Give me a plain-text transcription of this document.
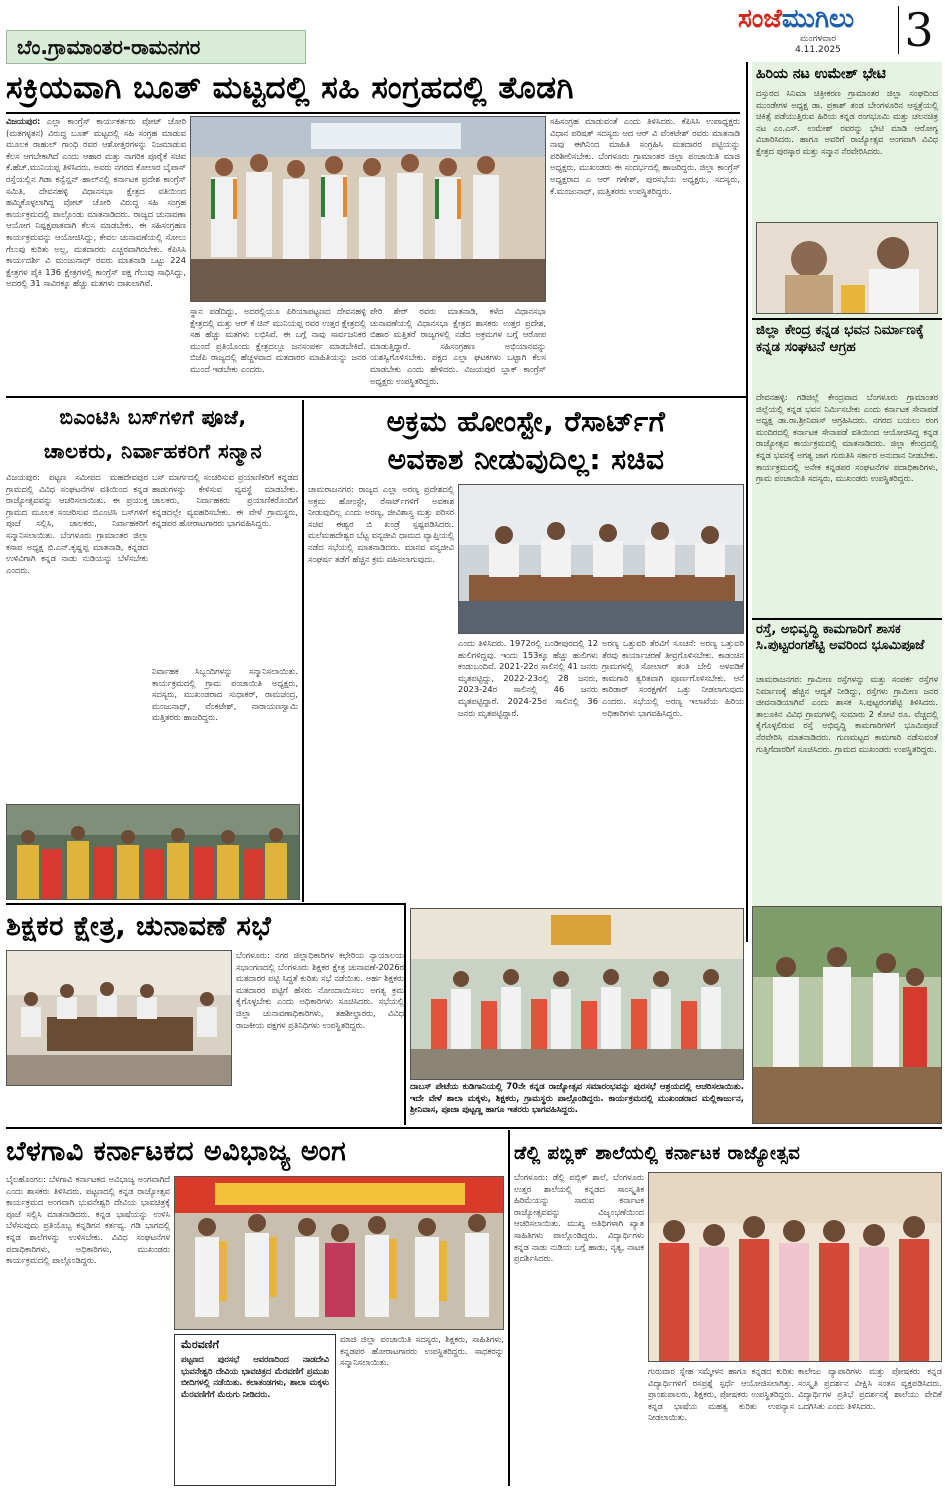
ಬೆಂ.ಗ್ರಾಮಾಂತರ-ರಾಮನಗರ
ಸಂಜೆಮುಗಿಲು
ಮಂಗಳವಾರ
4.11.2025	3
ಸಕ್ರಿಯವಾಗಿ ಬೂತ್ ಮಟ್ಟದಲ್ಲಿ ಸಹಿ ಸಂಗ್ರಹದಲ್ಲಿ ತೊಡಗಿ
ವಿಜಯಪುರ: ಎಲ್ಲಾ ಕಾಂಗ್ರೆಸ್ ಕಾರ್ಯಕರ್ತರು ವೋಟ್ ಚೋರಿ (ಮತಗಳ್ಳತನ) ವಿರುದ್ಧ ಬೂತ್ ಮಟ್ಟದಲ್ಲಿ ಸಹಿ ಸಂಗ್ರಹ ಮಾಡುವ ಮೂಲಕ ರಾಹುಲ್ ಗಾಂಧಿ ರವರ ಆಶೋತ್ತರಗಳನ್ನು ನಿಜಮಾಡುವ ಕೆಲಸ ಆಗಬೇಕಾಗಿದೆ ಎಂದು ಆಹಾರ ಮತ್ತು ನಾಗರಿಕ ಪೂರೈಕೆ ಸಚಿವ ಕೆ.ಹೆಚ್.ಮುನಿಯಪ್ಪ ತಿಳಿಸಿದರು. ಅವರು ನಗರದ ಕೋಲಾರ ಬೈಪಾಸ್ ರಸ್ತೆಯಲ್ಲಿನ ಗಿಡಾ ಕನ್ವೆನ್ಷನ್ ಹಾಲ್‌ನಲ್ಲಿ ಕರ್ನಾಟಕ ಪ್ರದೇಶ ಕಾಂಗ್ರೆಸ್ ಸಮಿತಿ, ದೇವನಹಳ್ಳಿ ವಿಧಾನಸಭಾ ಕ್ಷೇತ್ರದ ವತಿಯಿಂದ ಹಮ್ಮಿಕೊಳ್ಳಲಾಗಿದ್ದ ವೋಟ್ ಚೋರಿ ವಿರುದ್ಧ ಸಹಿ ಸಂಗ್ರಹ ಕಾರ್ಯಕ್ರಮದಲ್ಲಿ ಪಾಲ್ಗೊಂಡು ಮಾತನಾಡಿದರು. ರಾಜ್ಯದ ಚುನಾವಣಾ ಆಯೋಗ ನಿಷ್ಪಕ್ಷಪಾತವಾಗಿ ಕೆಲಸ ಮಾಡಬೇಕು. ಈ ಸಹಿಸಂಗ್ರಹಣ ಕಾರ್ಯಕ್ರಮವನ್ನು ಆಯೋಜಿಸಿದ್ದು, ಕೇವಲ ಚುನಾವಣೆಯಲ್ಲಿ ಸೋಲು ಗೆಲುವು ಕುರಿತು ಅಲ್ಲ, ಮತದಾರರು ಎಚ್ಚರವಾಗಿರಬೇಕು. ಕೆಪಿಸಿಸಿ ಕಾರ್ಯದರ್ಶಿ ವಿ ಮಂಜುನಾಥ್ ರವರು ಮಾತನಾಡಿ ಒಟ್ಟು 224 ಕ್ಷೇತ್ರಗಳ ಪೈಕಿ 136 ಕ್ಷೇತ್ರಗಳಲ್ಲಿ ಕಾಂಗ್ರೆಸ್ ಪಕ್ಷ ಗೆಲುವು ಸಾಧಿಸಿದ್ದು, ಅದರಲ್ಲಿ 31 ಸಾವಿರಕ್ಕೂ ಹೆಚ್ಚು ಮತಗಳು ದಾಖಲಾಗಿವೆ.
ಸ್ಥಾನ ಪಡೆದಿದ್ದು, ಅದರಲ್ಲಿಯೂ ಪಿರಿಯಾಪಟ್ಟಣದ ದೇವನಹಳ್ಳಿ ಕ್ಷೇತ್ರದಲ್ಲಿ ಮತ್ತು ಆರ್ ಕೆ ಚಿನ್ ಮುನಿಯಪ್ಪ ರವರ ಉತ್ತರ ಕ್ಷೇತ್ರದಲ್ಲಿ ಸಹ ಹೆಚ್ಚು ಮತಗಳು ಲಭಿಸಿವೆ. ಈ ಬಗ್ಗೆ ನಾವು ಸಾರ್ವಜನಿಕರ ಮುಂದೆ ಪ್ರತಿಯೊಂದು ಕ್ಷೇತ್ರದಲ್ಲೂ ಜನಸಂಪರ್ಕ ಮಾಡಬೇಕಿದೆ. ಬಿಜೆಪಿ ರಾಜ್ಯದಲ್ಲಿ ಹೆಚ್ಚಳವಾದ ಮತದಾರರ ಮಾಹಿತಿಯನ್ನು ಜನರ ಮುಂದೆ ಇಡಬೇಕು ಎಂದರು.
ಪೇರಿ ಶೇರ್ ರವರು ಮಾತನಾಡಿ, ಕಳೆದ ವಿಧಾನಸಭಾ ಚುನಾವಣೆಯಲ್ಲಿ ವಿಧಾನಸಭಾ ಕ್ಷೇತ್ರದ ಶಾಸಕರು ಉತ್ತರ ಪ್ರದೇಶ, ಬಿಹಾರ ಮತ್ತಿತರೆ ರಾಜ್ಯಗಳಲ್ಲಿ ನಡೆದ ಅಕ್ರಮಗಳ ಬಗ್ಗೆ ಆರೋಪ ಮಾಡುತ್ತಿದ್ದಾರೆ. ಸಹಿಸಂಗ್ರಹಣ ಅಭಿಯಾನವನ್ನು ಯಶಸ್ವಿಗೊಳಿಸಬೇಕು. ಪಕ್ಷದ ಎಲ್ಲಾ ಘಟಕಗಳು ಒಟ್ಟಾಗಿ ಕೆಲಸ ಮಾಡಬೇಕು ಎಂದು ಹೇಳಿದರು. ವಿಜಯಪುರ ಬ್ಲಾಕ್ ಕಾಂಗ್ರೆಸ್ ಅಧ್ಯಕ್ಷರು ಉಪಸ್ಥಿತರಿದ್ದರು.
ಸಹಿಸಂಗ್ರಹ ಮಾಡುವಂತೆ ಎಂದು ತಿಳಿಸಿದರು. ಕೆಪಿಸಿಸಿ ಉಪಾಧ್ಯಕ್ಷರು ವಿಧಾನ ಪರಿಷತ್ ಸದಸ್ಯರು ಆದ ಆರ್ ವಿ ವೆಂಕಟೇಶ್ ರವರು ಮಾತನಾಡಿ ನಾವು ಈಗಿನಿಂದ ಮಾಹಿತಿ ಸಂಗ್ರಹಿಸಿ ಮತದಾರರ ಪಟ್ಟಿಯನ್ನು ಪರಿಶೀಲಿಸಬೇಕು. ಬೆಂಗಳೂರು ಗ್ರಾಮಾಂತರ ಜಿಲ್ಲಾ ಪಂಚಾಯಿತಿ ಮಾಜಿ ಅಧ್ಯಕ್ಷರು, ಮುಖಂಡರು ಈ ಸಂದರ್ಭದಲ್ಲಿ ಹಾಜರಿದ್ದರು. ಜಿಲ್ಲಾ ಕಾಂಗ್ರೆಸ್ ಅಧ್ಯಕ್ಷರಾದ ಎ ಆರ್ ಗಣೇಶ್, ಪುರಸಭೆಯ ಅಧ್ಯಕ್ಷರು, ಸದಸ್ಯರು, ಕೆ.ಮಂಜುನಾಥ್, ಮತ್ತಿತರರು ಉಪಸ್ಥಿತರಿದ್ದರು.
ಹಿರಿಯ ನಟ ಉಮೇಶ್ ಭೇಟಿ
ದಸ್ತುರದ ಸಿನಿಮಾ ಚಿತ್ರೀಕರಣ ಗ್ರಾಮಾಂತರ ಜಿಲ್ಲಾ ಸಂಘದಿಂದ ಮುಂಡೇಗಳ ಅಧ್ಯಕ್ಷ ಡಾ. ಪ್ರಕಾಶ್ ತಂಡ ಬೇಂಗಳೂರಿನ ಆಸ್ಪತ್ರೆಯಲ್ಲಿ ಚಿಕಿತ್ಸೆ ಪಡೆಯುತ್ತಿರುವ ಹಿರಿಯ ಕನ್ನಡ ರಂಗಭೂಮಿ ಮತ್ತು ಚಲನಚಿತ್ರ ನಟ ಎಂ.ಎಸ್. ಉಮೇಶ್ ರವರನ್ನು ಭೇಟಿ ಮಾಡಿ ಆರೋಗ್ಯ ವಿಚಾರಿಸಿದರು. ಹಾಗೂ ಅವರಿಗೆ ರಾಜ್ಯೋತ್ಸವ ಅಂಗವಾಗಿ ವಿವಿಧ ಕ್ಷೇತ್ರದ ಪುರಸ್ಕಾರ ಮತ್ತು ಸನ್ಮಾನ ನೆರವೇರಿಸಿದರು.
ಜಿಲ್ಲಾ ಕೇಂದ್ರ ಕನ್ನಡ ಭವನ ನಿರ್ಮಾಣಕ್ಕೆ ಕನ್ನಡ ಸಂಘಟನೆ ಆಗ್ರಹ
ದೇವನಹಳ್ಳಿ: ಗಡಿಜಿಲ್ಲೆ ಕೇಂದ್ರವಾದ ಬೆಂಗಳೂರು ಗ್ರಾಮಾಂತರ ಜಿಲ್ಲೆಯಲ್ಲಿ ಕನ್ನಡ ಭವನ ನಿರ್ಮಿಸಬೇಕು ಎಂದು ಕರ್ನಾಟಕ ಸೇನಾಪಡೆ ಅಧ್ಯಕ್ಷ ಡಾ.ರಾ.ಶ್ರೀನಿವಾಸ್ ಆಗ್ರಹಿಸಿದರು. ನಗರದ ಬಯಲು ರಂಗ ಮಂದಿರದಲ್ಲಿ ಕರ್ನಾಟಕ ಸೇನಾಪಡೆ ವತಿಯಿಂದ ಆಯೋಜಿಸಿದ್ದ ಕನ್ನಡ ರಾಜ್ಯೋತ್ಸವ ಕಾರ್ಯಕ್ರಮದಲ್ಲಿ ಮಾತನಾಡಿದರು. ಜಿಲ್ಲಾ ಕೇಂದ್ರದಲ್ಲಿ ಕನ್ನಡ ಭವನಕ್ಕೆ ಅಗತ್ಯ ಜಾಗ ಗುರುತಿಸಿ ಸರ್ಕಾರ ಅನುದಾನ ನೀಡಬೇಕು. ಕಾರ್ಯಕ್ರಮದಲ್ಲಿ ಅನೇಕ ಕನ್ನಡಪರ ಸಂಘಟನೆಗಳ ಪದಾಧಿಕಾರಿಗಳು, ಗ್ರಾಮ ಪಂಚಾಯಿತಿ ಸದಸ್ಯರು, ಮುಖಂಡರು ಉಪಸ್ಥಿತರಿದ್ದರು.
ರಸ್ತೆ, ಅಭಿವೃದ್ಧಿ ಕಾಮಗಾರಿಗೆ ಶಾಸಕ ಸಿ.ಪುಟ್ಟರಂಗಶೆಟ್ಟಿ ಅವರಿಂದ ಭೂಮಿಪೂಜೆ
ಚಾಮರಾಜನಗರ: ಗ್ರಾಮೀಣ ರಸ್ತೆಗಳನ್ನು ಮತ್ತು ಸಂಪರ್ಕ ರಸ್ತೆಗಳ ನಿರ್ಮಾಣಕ್ಕೆ ಹೆಚ್ಚಿನ ಆದ್ಯತೆ ನೀಡಿದ್ದು, ರಸ್ತೆಗಳು ಗ್ರಾಮೀಣ ಜನರ ಜೀವನಾಡಿಯಾಗಿವೆ ಎಂದು ಶಾಸಕ ಸಿ.ಪುಟ್ಟರಂಗಶೆಟ್ಟಿ ತಿಳಿಸಿದರು. ತಾಲೂಕಿನ ವಿವಿಧ ಗ್ರಾಮಗಳಲ್ಲಿ ಸುಮಾರು 2 ಕೋಟಿ ರೂ. ವೆಚ್ಚದಲ್ಲಿ ಕೈಗೊಳ್ಳಲಿರುವ ರಸ್ತೆ ಅಭಿವೃದ್ಧಿ ಕಾಮಗಾರಿಗಳಿಗೆ ಭೂಮಿಪೂಜೆ ನೆರವೇರಿಸಿ ಮಾತನಾಡಿದರು. ಗುಣಮಟ್ಟದ ಕಾಮಗಾರಿ ನಡೆಸುವಂತೆ ಗುತ್ತಿಗೆದಾರರಿಗೆ ಸೂಚಿಸಿದರು. ಗ್ರಾಮದ ಮುಖಂಡರು ಉಪಸ್ಥಿತರಿದ್ದರು.
ಬಿಎಂಟಿಸಿ ಬಸ್‌ಗಳಿಗೆ ಪೂಜೆ,
ಚಾಲಕರು, ನಿರ್ವಾಹಕರಿಗೆ ಸನ್ಮಾನ
ವಿಜಯಪುರ: ಪಟ್ಟಣ ಸಮೀಪದ ಮಹದೇವಪುರ ಗ್ರಾಮದಲ್ಲಿ ವಿವಿಧ ಸಂಘಟನೆಗಳ ವತಿಯಿಂದ ಕನ್ನಡ ರಾಜ್ಯೋತ್ಸವವನ್ನು ಆಚರಿಸಲಾಯಿತು. ಈ ಪ್ರಯುಕ್ತ ಗ್ರಾಮದ ಮೂಲಕ ಸಂಚರಿಸುವ ಬಿಎಂಟಿಸಿ ಬಸ್‌ಗಳಿಗೆ ಪೂಜೆ ಸಲ್ಲಿಸಿ, ಚಾಲಕರು, ನಿರ್ವಾಹಕರಿಗೆ ಸನ್ಮಾನಿಸಲಾಯಿತು. ಬೆಂಗಳೂರು ಗ್ರಾಮಾಂತರ ಜಿಲ್ಲಾ ಕಸಾಪ ಅಧ್ಯಕ್ಷ ಬಿ.ಎನ್.ಕೃಷ್ಣಪ್ಪ ಮಾತನಾಡಿ, ಕನ್ನಡದ ಉಳಿವಿಗಾಗಿ ಕನ್ನಡ ನಾಡು ನುಡಿಯನ್ನು ಬೆಳೆಸಬೇಕು ಎಂದರು.
ಬಸ್ ಮಾರ್ಗದಲ್ಲಿ ಸಂಚರಿಸುವ ಪ್ರಯಾಣಿಕರಿಗೆ ಕನ್ನಡದ ಹಾಡುಗಳನ್ನು ಕೇಳಿಸುವ ವ್ಯವಸ್ಥೆ ಮಾಡಬೇಕು. ಚಾಲಕರು, ನಿರ್ವಾಹಕರು ಪ್ರಯಾಣಿಕರೊಂದಿಗೆ ಕನ್ನಡದಲ್ಲೇ ವ್ಯವಹರಿಸಬೇಕು. ಈ ವೇಳೆ ಗ್ರಾಮಸ್ಥರು, ಕನ್ನಡಪರ ಹೋರಾಟಗಾರರು ಭಾಗವಹಿಸಿದ್ದರು.
ನಿರ್ವಾಹಕ ಸಿಬ್ಬಂದಿಗಳನ್ನು ಸನ್ಮಾನಿಸಲಾಯಿತು. ಕಾರ್ಯಕ್ರಮದಲ್ಲಿ ಗ್ರಾಮ ಪಂಚಾಯಿತಿ ಅಧ್ಯಕ್ಷರು, ಸದಸ್ಯರು, ಮುಖಂಡರಾದ ಸುಧಾಕರ್, ರಾಮಚಂದ್ರ, ಮಂಜುನಾಥ್, ವೆಂಕಟೇಶ್, ನಾರಾಯಣಸ್ವಾಮಿ ಮತ್ತಿತರರು ಹಾಜರಿದ್ದರು.
ಅಕ್ರಮ ಹೋಂಸ್ಟೇ, ರೆಸಾರ್ಟ್‌ಗೆ
ಅವಕಾಶ ನೀಡುವುದಿಲ್ಲ: ಸಚಿವ
ಚಾಮರಾಜನಗರ: ರಾಜ್ಯದ ಎಲ್ಲಾ ಅರಣ್ಯ ಪ್ರದೇಶದಲ್ಲಿ ಅಕ್ರಮ ಹೋಂಸ್ಟೇ, ರೆಸಾರ್ಟ್‌ಗಳಿಗೆ ಅವಕಾಶ ನೀಡುವುದಿಲ್ಲ ಎಂದು ಅರಣ್ಯ, ಜೀವಿಶಾಸ್ತ್ರ ಮತ್ತು ಪರಿಸರ ಸಚಿವ ಈಶ್ವರ ಬಿ ಖಂಡ್ರೆ ಸ್ಪಷ್ಟಪಡಿಸಿದರು. ಮಲೆಮಹದೇಶ್ವರ ಬೆಟ್ಟ ವನ್ಯಜೀವಿ ಧಾಮದ ವ್ಯಾಪ್ತಿಯಲ್ಲಿ ನಡೆದ ಸಭೆಯಲ್ಲಿ ಮಾತನಾಡಿದರು. ಮಾನವ ವನ್ಯಜೀವಿ ಸಂಘರ್ಷ ತಡೆಗೆ ಹೆಚ್ಚಿನ ಕ್ರಮ ವಹಿಸಲಾಗುವುದು.
ಎಂದು ತಿಳಿಸಿದರು. 1972ರಲ್ಲಿ ಬಂಡೀಪುರದಲ್ಲಿ 12 ಹುಲಿಗಳಿದ್ದವು. ಇಂದು 153ಕ್ಕೂ ಹೆಚ್ಚು ಹುಲಿಗಳು ಕಂಡುಬಂದಿವೆ. 2021-22ರ ಸಾಲಿನಲ್ಲಿ 41 ಜನರು ಮೃತಪಟ್ಟಿದ್ದು, 2022-23ರಲ್ಲಿ 28 ಜನರು, 2023-24ರ ಸಾಲಿನಲ್ಲಿ 46 ಜನರು ಮೃತಪಟ್ಟಿದ್ದಾರೆ. 2024-25ರ ಸಾಲಿನಲ್ಲಿ 36 ಜನರು ಮೃತಪಟ್ಟಿದ್ದಾರೆ.
ಅರಣ್ಯ ಒತ್ತುವರಿ ತೆರವಿಗೆ ಸೂಚನೆ: ಅರಣ್ಯ ಒತ್ತುವರಿ ತೆರವು ಕಾರ್ಯಾಚರಣೆ ತೀವ್ರಗೊಳಿಸಬೇಕು. ಕಾಡಂಚಿನ ಗ್ರಾಮಗಳಲ್ಲಿ ಸೋಲಾರ್ ತಂತಿ ಬೇಲಿ ಅಳವಡಿಕೆ ಕಾಮಗಾರಿ ತ್ವರಿತವಾಗಿ ಪೂರ್ಣಗೊಳಿಸಬೇಕು. ಆನೆ ಕಾರಿಡಾರ್ ಸಂರಕ್ಷಣೆಗೆ ಒತ್ತು ನೀಡಲಾಗುವುದು ಎಂದರು. ಸಭೆಯಲ್ಲಿ ಅರಣ್ಯ ಇಲಾಖೆಯ ಹಿರಿಯ ಅಧಿಕಾರಿಗಳು ಭಾಗವಹಿಸಿದ್ದರು.
ಶಿಕ್ಷಕರ ಕ್ಷೇತ್ರ, ಚುನಾವಣೆ ಸಭೆ
ಬೆಂಗಳೂರು: ನಗರ ಜಿಲ್ಲಾಧಿಕಾರಿಗಳ ಕಛೇರಿಯ ನ್ಯಾಯಾಲಯ ಸಭಾಂಗಣದಲ್ಲಿ ಬೆಂಗಳೂರು ಶಿಕ್ಷಕರ ಕ್ಷೇತ್ರ ಚುನಾವಣೆ-2026ರ ಮತದಾರರ ಪಟ್ಟಿ ಸಿದ್ಧತೆ ಕುರಿತು ಸಭೆ ನಡೆಯಿತು. ಅರ್ಹ ಶಿಕ್ಷಕರು ಮತದಾರರ ಪಟ್ಟಿಗೆ ಹೆಸರು ನೋಂದಾಯಿಸಲು ಅಗತ್ಯ ಕ್ರಮ ಕೈಗೊಳ್ಳಬೇಕು ಎಂದು ಅಧಿಕಾರಿಗಳು ಸೂಚಿಸಿದರು. ಸಭೆಯಲ್ಲಿ ಜಿಲ್ಲಾ ಚುನಾವಣಾಧಿಕಾರಿಗಳು, ತಹಶೀಲ್ದಾರರು, ವಿವಿಧ ರಾಜಕೀಯ ಪಕ್ಷಗಳ ಪ್ರತಿನಿಧಿಗಳು ಉಪಸ್ಥಿತರಿದ್ದರು.
ದಾಬಸ್ ಪೇಟೆಯ ಕುಡಿಗಾನಿಯಲ್ಲಿ 70ನೇ ಕನ್ನಡ ರಾಜ್ಯೋತ್ಸವ ಸಮಾರಂಭವನ್ನು ಪುರಸಭೆ ಆಶ್ರಯದಲ್ಲಿ ಆಚರಿಸಲಾಯಿತು. ಇದೇ ವೇಳೆ ಶಾಲಾ ಮಕ್ಕಳು, ಶಿಕ್ಷಕರು, ಗ್ರಾಮಸ್ಥರು ಪಾಲ್ಗೊಂಡಿದ್ದರು. ಕಾರ್ಯಕ್ರಮದಲ್ಲಿ ಮುಖಂಡರಾದ ಮಲ್ಲಿಕಾರ್ಜುನ, ಶ್ರೀನಿವಾಸ, ಪೂಜಾ ಪುಟ್ಟಣ್ಣ ಹಾಗೂ ಇತರರು ಭಾಗವಹಿಸಿದ್ದರು.
ಬೆಳಗಾವಿ ಕರ್ನಾಟಕದ ಅವಿಭಾಜ್ಯ ಅಂಗ
ಬೈಲಹೊಂಗಲ: ಬೆಳಗಾವಿ ಕರ್ನಾಟಕದ ಅವಿಭಾಜ್ಯ ಅಂಗವಾಗಿದೆ ಎಂದು ಶಾಸಕರು ತಿಳಿಸಿದರು. ಪಟ್ಟಣದಲ್ಲಿ ಕನ್ನಡ ರಾಜ್ಯೋತ್ಸವ ಕಾರ್ಯಕ್ರಮದ ಅಂಗವಾಗಿ ಭುವನೇಶ್ವರಿ ದೇವಿಯ ಭಾವಚಿತ್ರಕ್ಕೆ ಪೂಜೆ ಸಲ್ಲಿಸಿ ಮಾತನಾಡಿದರು. ಕನ್ನಡ ಭಾಷೆಯನ್ನು ಉಳಿಸಿ ಬೆಳೆಸುವುದು ಪ್ರತಿಯೊಬ್ಬ ಕನ್ನಡಿಗನ ಕರ್ತವ್ಯ. ಗಡಿ ಭಾಗದಲ್ಲಿ ಕನ್ನಡ ಶಾಲೆಗಳನ್ನು ಉಳಿಸಬೇಕು. ವಿವಿಧ ಸಂಘಟನೆಗಳ ಪದಾಧಿಕಾರಿಗಳು, ಅಧಿಕಾರಿಗಳು, ಮುಖಂಡರು ಕಾರ್ಯಕ್ರಮದಲ್ಲಿ ಪಾಲ್ಗೊಂಡಿದ್ದರು.
ಮೆರವಣಿಗೆ
ಪಟ್ಟಣದ ಪುರಸಭೆ ಆವರಣದಿಂದ ನಾಡದೇವಿ ಭುವನೇಶ್ವರಿ ದೇವಿಯ ಭಾವಚಿತ್ರದ ಮೆರವಣಿಗೆ ಪ್ರಮುಖ ಬೀದಿಗಳಲ್ಲಿ ನಡೆಯಿತು. ಕಲಾತಂಡಗಳು, ಶಾಲಾ ಮಕ್ಕಳು ಮೆರವಣಿಗೆಗೆ ಮೆರುಗು ನೀಡಿದರು.
ಮಾಜಿ ಜಿಲ್ಲಾ ಪಂಚಾಯಿತಿ ಸದಸ್ಯರು, ಶಿಕ್ಷಕರು, ಸಾಹಿತಿಗಳು, ಕನ್ನಡಪರ ಹೋರಾಟಗಾರರು ಉಪಸ್ಥಿತರಿದ್ದರು. ಸಾಧಕರನ್ನು ಸನ್ಮಾನಿಸಲಾಯಿತು.
ಡೆಲ್ಲಿ ಪಬ್ಲಿಕ್ ಶಾಲೆಯಲ್ಲಿ ಕರ್ನಾಟಕ ರಾಜ್ಯೋತ್ಸವ
ಬೆಂಗಳೂರು: ಡೆಲ್ಲಿ ಪಬ್ಲಿಕ್ ಶಾಲೆ, ಬೆಂಗಳೂರು ಉತ್ತರ ಶಾಲೆಯಲ್ಲಿ ಕನ್ನಡದ ಸಾಂಸ್ಕೃತಿಕ ಹಿರಿಮೆಯನ್ನು ಸಾರುವ ಕರ್ನಾಟಕ ರಾಜ್ಯೋತ್ಸವವನ್ನು ವಿಜೃಂಭಣೆಯಿಂದ ಆಚರಿಸಲಾಯಿತು. ಮುಖ್ಯ ಅತಿಥಿಗಳಾಗಿ ಖ್ಯಾತ ಸಾಹಿತಿಗಳು ಪಾಲ್ಗೊಂಡಿದ್ದರು. ವಿದ್ಯಾರ್ಥಿಗಳು ಕನ್ನಡ ನಾಡು ನುಡಿಯ ಬಗ್ಗೆ ಹಾಡು, ನೃತ್ಯ, ನಾಟಕ ಪ್ರದರ್ಶಿಸಿದರು.
ಗುರುವಾರ ಸ್ನೇಹ ಸಮ್ಮೇಳನ ಹಾಗೂ ಕನ್ನಡದ ಕುರಿತು ವಿದ್ಯಾರ್ಥಿಗಳಿಗೆ ರಸಪ್ರಶ್ನೆ ಸ್ಪರ್ಧೆ ಆಯೋಜಿಸಲಾಗಿತ್ತು. ಪ್ರಾಂಶುಪಾಲರು, ಶಿಕ್ಷಕರು, ಪೋಷಕರು ಉಪಸ್ಥಿತರಿದ್ದರು. ಕನ್ನಡ ಭಾಷೆಯ ಮಹತ್ವ ಕುರಿತು ಉಪನ್ಯಾಸ ನೀಡಲಾಯಿತು.
ಕಾಲೇಜು ವ್ಯಾಪಾರಿಗಳು ಮತ್ತು ಪೋಷಕರು ಕನ್ನಡ ಸಂಸ್ಕೃತಿ ಪ್ರದರ್ಶನ ವೀಕ್ಷಿಸಿ ಸಂತಸ ವ್ಯಕ್ತಪಡಿಸಿದರು. ವಿದ್ಯಾರ್ಥಿಗಳ ಪ್ರತಿಭೆ ಪ್ರದರ್ಶನಕ್ಕೆ ಶಾಲೆಯು ವೇದಿಕೆ ಒದಗಿಸಿತು ಎಂದು ತಿಳಿಸಿದರು.
